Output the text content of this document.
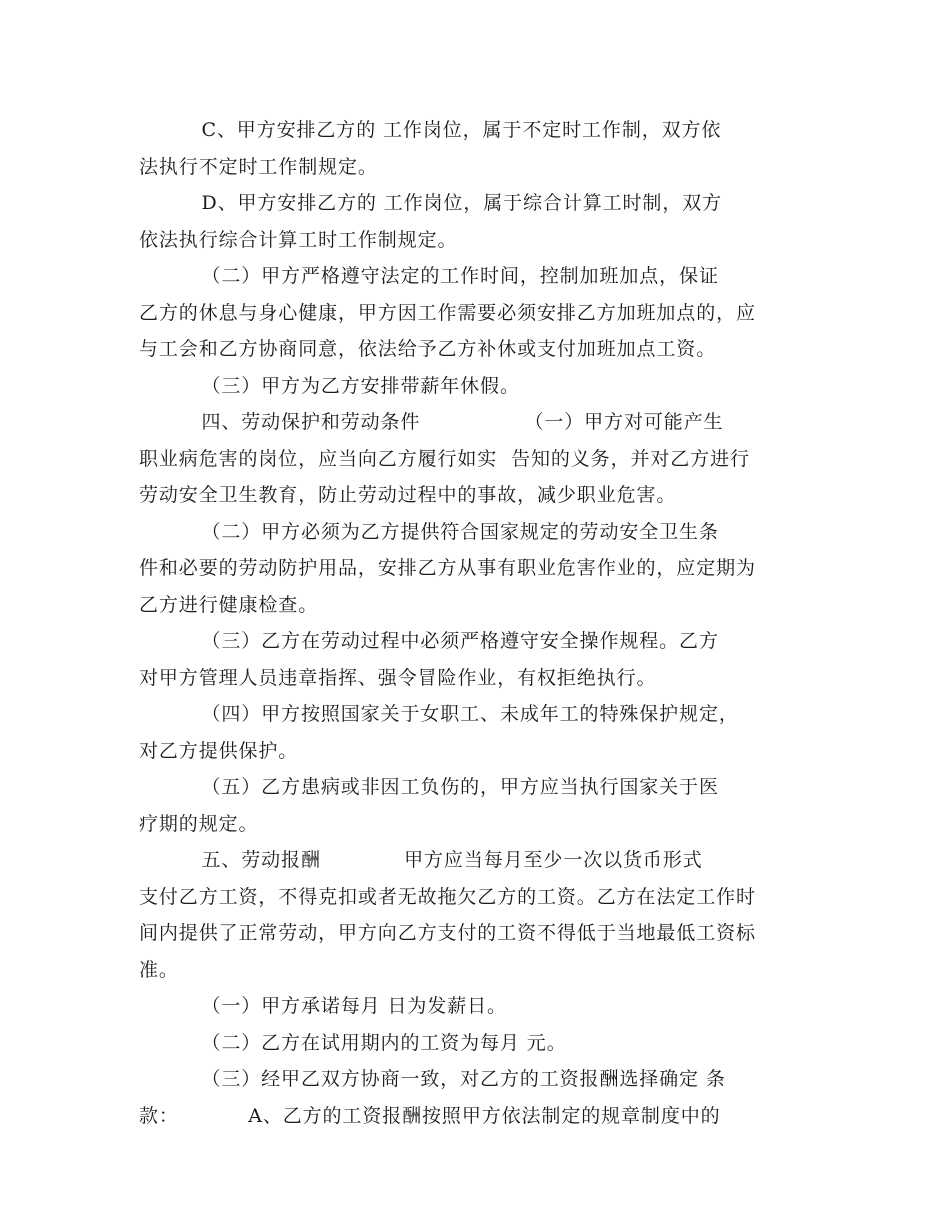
C、甲方安排乙方的 工作岗位，属于不定时工作制，双方依
法执行不定时工作制规定。
D、甲方安排乙方的 工作岗位，属于综合计算工时制，双方
依法执行综合计算工时工作制规定。
（二）甲方严格遵守法定的工作时间，控制加班加点，保证
乙方的休息与身心健康，甲方因工作需要必须安排乙方加班加点的，应
与工会和乙方协商同意，依法给予乙方补休或支付加班加点工资。
（三）甲方为乙方安排带薪年休假。
四、劳动保护和劳动条件               （一）甲方对可能产生
职业病危害的岗位，应当向乙方履行如实  告知的义务，并对乙方进行
劳动安全卫生教育，防止劳动过程中的事故，减少职业危害。
（二）甲方必须为乙方提供符合国家规定的劳动安全卫生条
件和必要的劳动防护用品，安排乙方从事有职业危害作业的，应定期为
乙方进行健康检查。
（三）乙方在劳动过程中必须严格遵守安全操作规程。乙方
对甲方管理人员违章指挥、强令冒险作业，有权拒绝执行。
（四）甲方按照国家关于女职工、未成年工的特殊保护规定，
对乙方提供保护。
（五）乙方患病或非因工负伤的，甲方应当执行国家关于医
疗期的规定。
五、劳动报酬            甲方应当每月至少一次以货币形式
支付乙方工资，不得克扣或者无故拖欠乙方的工资。乙方在法定工作时
间内提供了正常劳动，甲方向乙方支付的工资不得低于当地最低工资标
准。
（一）甲方承诺每月 日为发薪日。
（二）乙方在试用期内的工资为每月 元。
（三）经甲乙双方协商一致，对乙方的工资报酬选择确定 条
款：          A、乙方的工资报酬按照甲方依法制定的规章制度中的
